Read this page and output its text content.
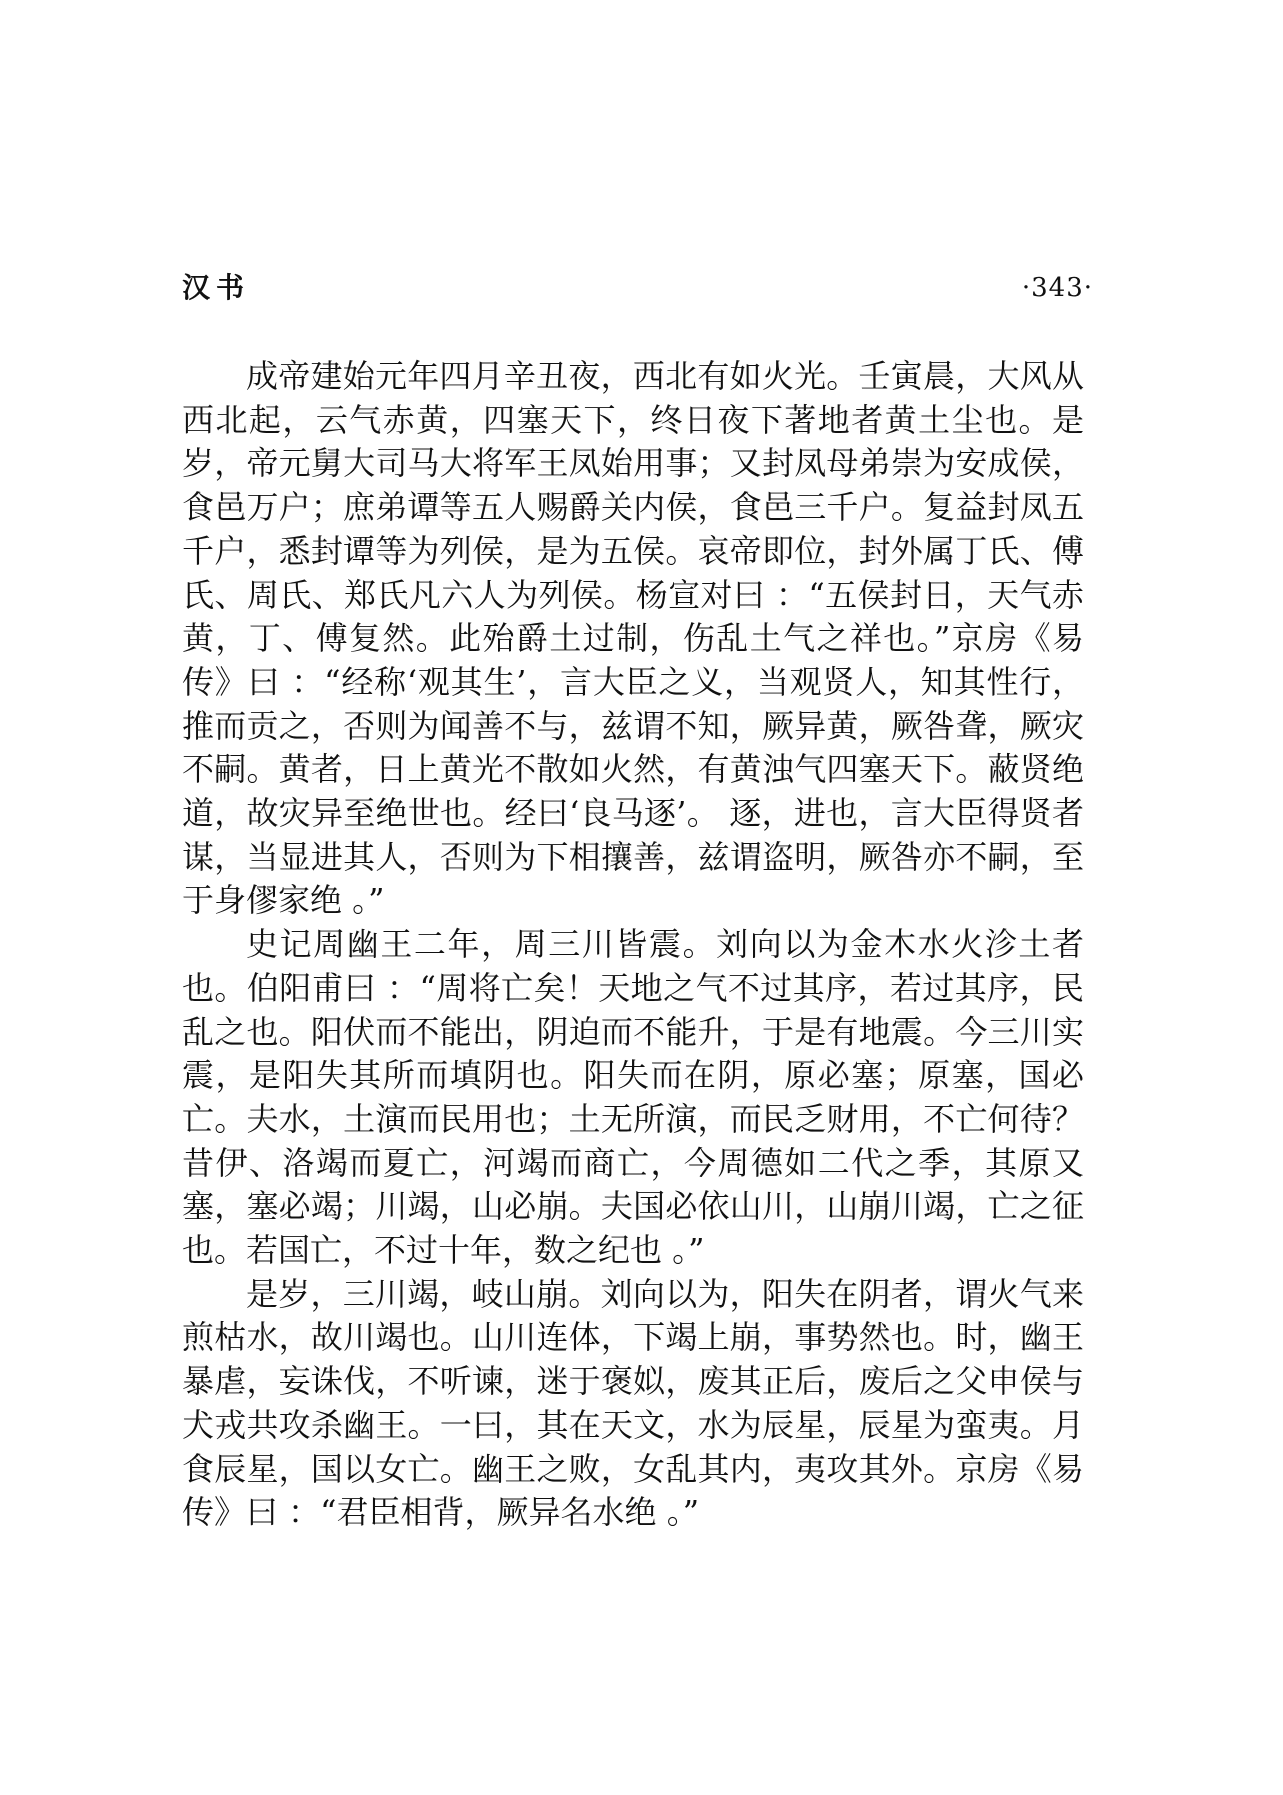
汉书	·343·

成帝建始元年四月辛丑夜，西北有如火光。壬寅晨，大风从西北起，云气赤黄，四塞天下，终日夜下著地者黄土尘也。是岁，帝元舅大司马大将军王凤始用事；又封凤母弟崇为安成侯，食邑万户；庶弟谭等五人赐爵关内侯，食邑三千户。复益封凤五千户，悉封谭等为列侯，是为五侯。哀帝即位，封外属丁氏、傅氏、周氏、郑氏凡六人为列侯。杨宣对曰 ：“五侯封日，天气赤黄，丁、傅复然。此殆爵土过制，伤乱土气之祥也。”京房《易传》曰 ：“经称‘观其生’，言大臣之义，当观贤人，知其性行，推而贡之，否则为闻善不与，兹谓不知，厥异黄，厥咎聋，厥灾不嗣。黄者，日上黄光不散如火然，有黄浊气四塞天下。蔽贤绝道，故灾异至绝世也。经曰‘良马逐’。 逐，进也，言大臣得贤者谋，当显进其人，否则为下相攘善，兹谓盗明，厥咎亦不嗣，至于身僇家绝 。”

史记周幽王二年，周三川皆震。刘向以为金木水火沴土者也。伯阳甫曰 ：“周将亡矣！天地之气不过其序，若过其序，民乱之也。阳伏而不能出，阴迫而不能升，于是有地震。今三川实震，是阳失其所而填阴也。阳失而在阴，原必塞；原塞，国必亡。夫水，土演而民用也；土无所演，而民乏财用，不亡何待？昔伊、洛竭而夏亡，河竭而商亡，今周德如二代之季，其原又塞，塞必竭；川竭，山必崩。夫国必依山川，山崩川竭，亡之征也。若国亡，不过十年，数之纪也 。”

是岁，三川竭，岐山崩。刘向以为，阳失在阴者，谓火气来煎枯水，故川竭也。山川连体，下竭上崩，事势然也。时，幽王暴虐，妄诛伐，不听谏，迷于褒姒，废其正后，废后之父申侯与犬戎共攻杀幽王。一曰，其在天文，水为辰星，辰星为蛮夷。月食辰星，国以女亡。幽王之败，女乱其内，夷攻其外。京房《易传》曰 ：“君臣相背，厥异名水绝 。”
